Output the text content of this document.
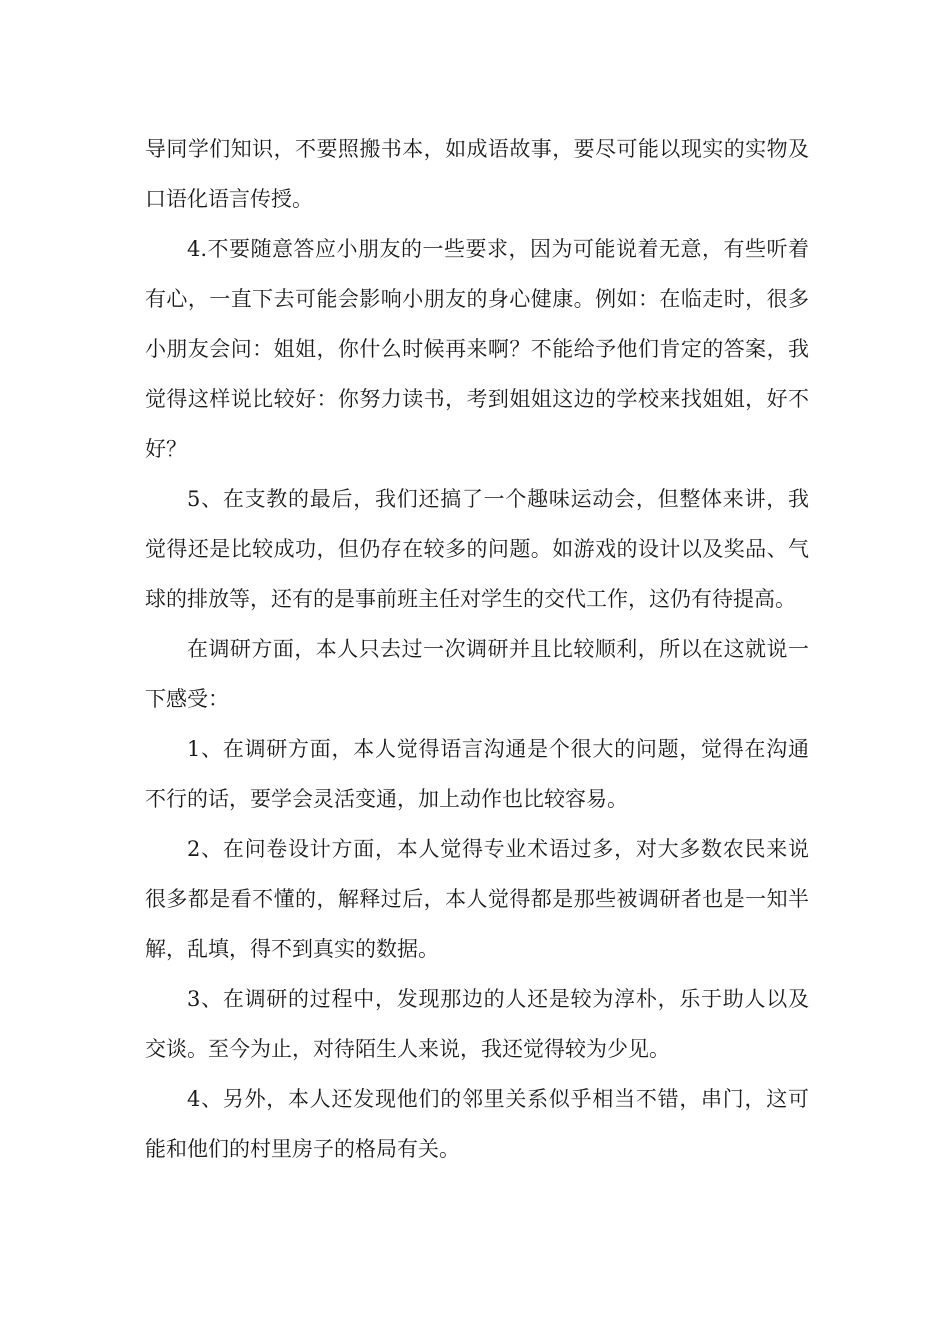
导同学们知识，不要照搬书本，如成语故事，要尽可能以现实的实物及口语化语言传授。

4.不要随意答应小朋友的一些要求，因为可能说着无意，有些听着有心，一直下去可能会影响小朋友的身心健康。例如：在临走时，很多小朋友会问：姐姐，你什么时候再来啊？不能给予他们肯定的答案，我觉得这样说比较好：你努力读书，考到姐姐这边的学校来找姐姐，好不好？

5、在支教的最后，我们还搞了一个趣味运动会，但整体来讲，我觉得还是比较成功，但仍存在较多的问题。如游戏的设计以及奖品、气球的排放等，还有的是事前班主任对学生的交代工作，这仍有待提高。

在调研方面，本人只去过一次调研并且比较顺利，所以在这就说一下感受：

1、在调研方面，本人觉得语言沟通是个很大的问题，觉得在沟通不行的话，要学会灵活变通，加上动作也比较容易。

2、在问卷设计方面，本人觉得专业术语过多，对大多数农民来说很多都是看不懂的，解释过后，本人觉得都是那些被调研者也是一知半解，乱填，得不到真实的数据。

3、在调研的过程中，发现那边的人还是较为淳朴，乐于助人以及交谈。至今为止，对待陌生人来说，我还觉得较为少见。

4、另外，本人还发现他们的邻里关系似乎相当不错，串门，这可能和他们的村里房子的格局有关。
